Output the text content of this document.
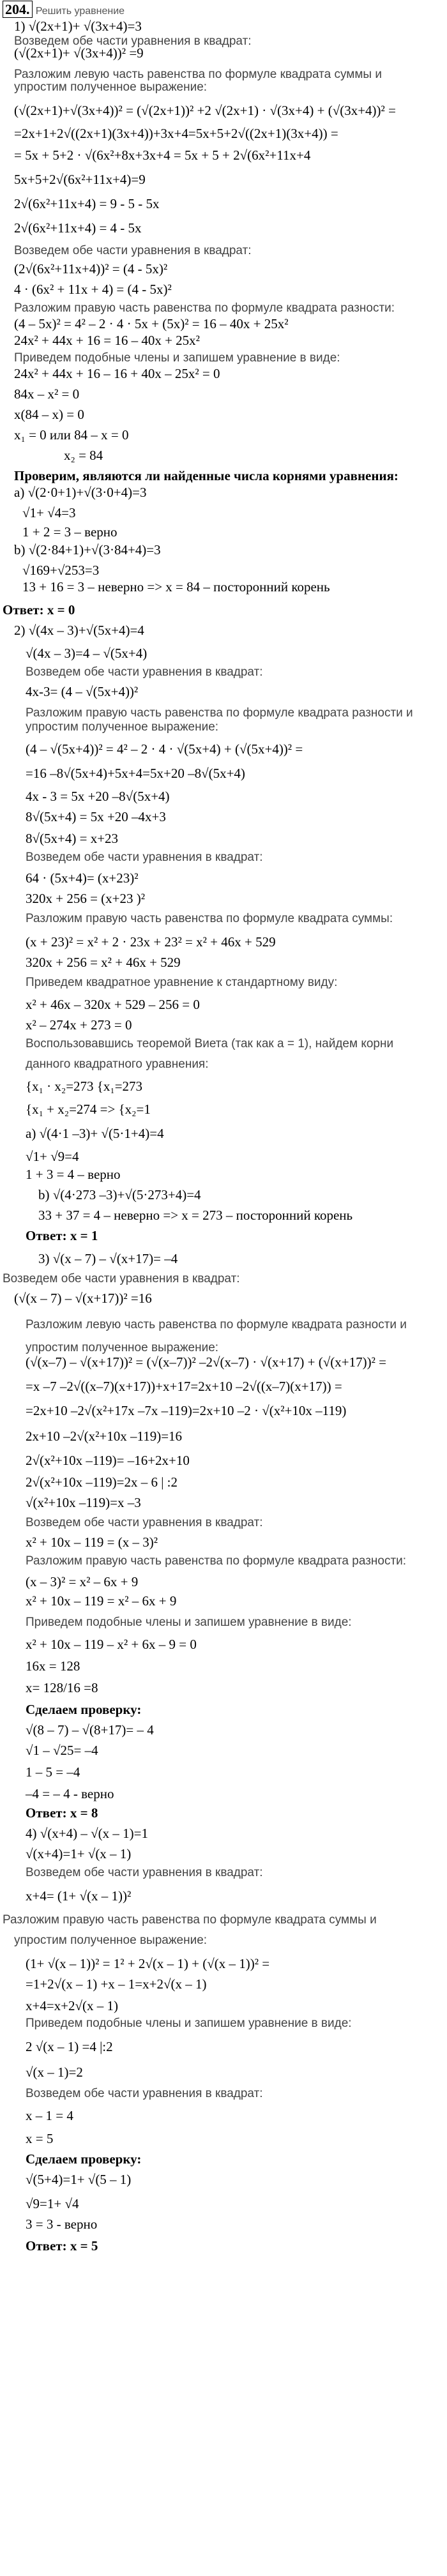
204. Решить уравнение
1) √(2x+1)+ √(3x+4)=3
(√(2x+1)+ √(3x+4))² =9
Возведем обе части уравнения в квадрат:
Разложим левую часть равенства по формуле квадрата суммы и
упростим полученное выражение:
(√(2x+1)+√(3x+4))² = (√(2x+1))² +2 √(2x+1) · √(3x+4) + (√(3x+4))² =
=2x+1+2√((2x+1)(3x+4))+3x+4=5x+5+2√((2x+1)(3x+4)) =
= 5x + 5+2 · √(6x²+8x+3x+4 = 5x + 5 + 2√(6x²+11x+4
5x+5+2√(6x²+11x+4)=9
2√(6x²+11x+4) = 9 - 5 - 5x
2√(6x²+11x+4) = 4 - 5x
Возведем обе части уравнения в квадрат:
(2√(6x²+11x+4))² = (4 - 5x)²
4 · (6x² + 11x + 4) = (4 - 5x)²
Разложим правую часть равенства по формуле квадрата разности:
(4 – 5x)² = 4² – 2 · 4 · 5x + (5x)² = 16 – 40x + 25x²
24x² + 44x + 16 = 16 – 40x + 25x²
Приведем подобные члены и запишем уравнение в виде:
24x² + 44x + 16 – 16 + 40x – 25x² = 0
84x – x² = 0
x(84 – x) = 0
x₁ = 0 или 84 – x = 0
x₂ = 84
Проверим, являются ли найденные числа корнями уравнения:
a) √(2·0+1)+√(3·0+4)=3
√1+ √4=3
1 + 2 = 3 – верно
b) √(2·84+1)+√(3·84+4)=3
√169+√253=3
13 + 16 = 3 – неверно => x = 84 – посторонний корень
Ответ: x = 0
2) √(4x – 3)+√(5x+4)=4
√(4x – 3)=4 – √(5x+4)
Возведем обе части уравнения в квадрат:
4x-3= (4 – √(5x+4))²
Разложим правую часть равенства по формуле квадрата разности и
упростим полученное выражение:
(4 – √(5x+4))² = 4² – 2 · 4 · √(5x+4) + (√(5x+4))² =
=16 –8√(5x+4)+5x+4=5x+20 –8√(5x+4)
4x - 3 = 5x +20 –8√(5x+4)
8√(5x+4) = 5x +20 –4x+3
8√(5x+4) = x+23
Возведем обе части уравнения в квадрат:
64 · (5x+4)= (x+23)²
320x + 256 = (x+23 )²
Разложим правую часть равенства по формуле квадрата суммы:
(x + 23)² = x² + 2 · 23x + 23² = x² + 46x + 529
320x + 256 = x² + 46x + 529
Приведем квадратное уравнение к стандартному виду:
x² + 46x – 320x + 529 – 256 = 0
x² – 274x + 273 = 0
Воспользовавшись теоремой Виета (так как a = 1), найдем корни
данного квадратного уравнения:
{x₁ · x₂=273 {x₁=273
{x₁ + x₂=274 => {x₂=1
a) √(4·1 –3)+ √(5·1+4)=4
√1+ √9=4
1 + 3 = 4 – верно
b) √(4·273 –3)+√(5·273+4)=4
33 + 37 = 4 – неверно => x = 273 – посторонний корень
Ответ: x = 1
3) √(x – 7) – √(x+17)= –4
Возведем обе части уравнения в квадрат:
(√(x – 7) – √(x+17))² =16
Разложим левую часть равенства по формуле квадрата разности и
упростим полученное выражение:
(√(x–7) – √(x+17))² = (√(x–7))² –2√(x–7) · √(x+17) + (√(x+17))² =
=x –7 –2√((x–7)(x+17))+x+17=2x+10 –2√((x–7)(x+17)) =
=2x+10 –2√(x²+17x –7x –119)=2x+10 –2 · √(x²+10x –119)
2x+10 –2√(x²+10x –119)=16
2√(x²+10x –119)= –16+2x+10
2√(x²+10x –119)=2x – 6 | :2
√(x²+10x –119)=x –3
Возведем обе части уравнения в квадрат:
x² + 10x – 119 = (x – 3)²
Разложим правую часть равенства по формуле квадрата разности:
(x – 3)² = x² – 6x + 9
x² + 10x – 119 = x² – 6x + 9
Приведем подобные члены и запишем уравнение в виде:
x² + 10x – 119 – x² + 6x – 9 = 0
16x = 128
x= 128/16 =8
Сделаем проверку:
√(8 – 7) – √(8+17)= – 4
√1 – √25= –4
1 – 5 = –4
–4 = – 4 - верно
Ответ: x = 8
4) √(x+4) – √(x – 1)=1
√(x+4)=1+ √(x – 1)
Возведем обе части уравнения в квадрат:
x+4= (1+ √(x – 1))²
Разложим правую часть равенства по формуле квадрата суммы и
упростим полученное выражение:
(1+ √(x – 1))² = 1² + 2√(x – 1) + (√(x – 1))² =
=1+2√(x – 1) +x – 1=x+2√(x – 1)
x+4=x+2√(x – 1)
Приведем подобные члены и запишем уравнение в виде:
2 √(x – 1) =4 |:2
√(x – 1)=2
Возведем обе части уравнения в квадрат:
x – 1 = 4
x = 5
Сделаем проверку:
√(5+4)=1+ √(5 – 1)
√9=1+ √4
3 = 3 - верно
Ответ: x = 5
